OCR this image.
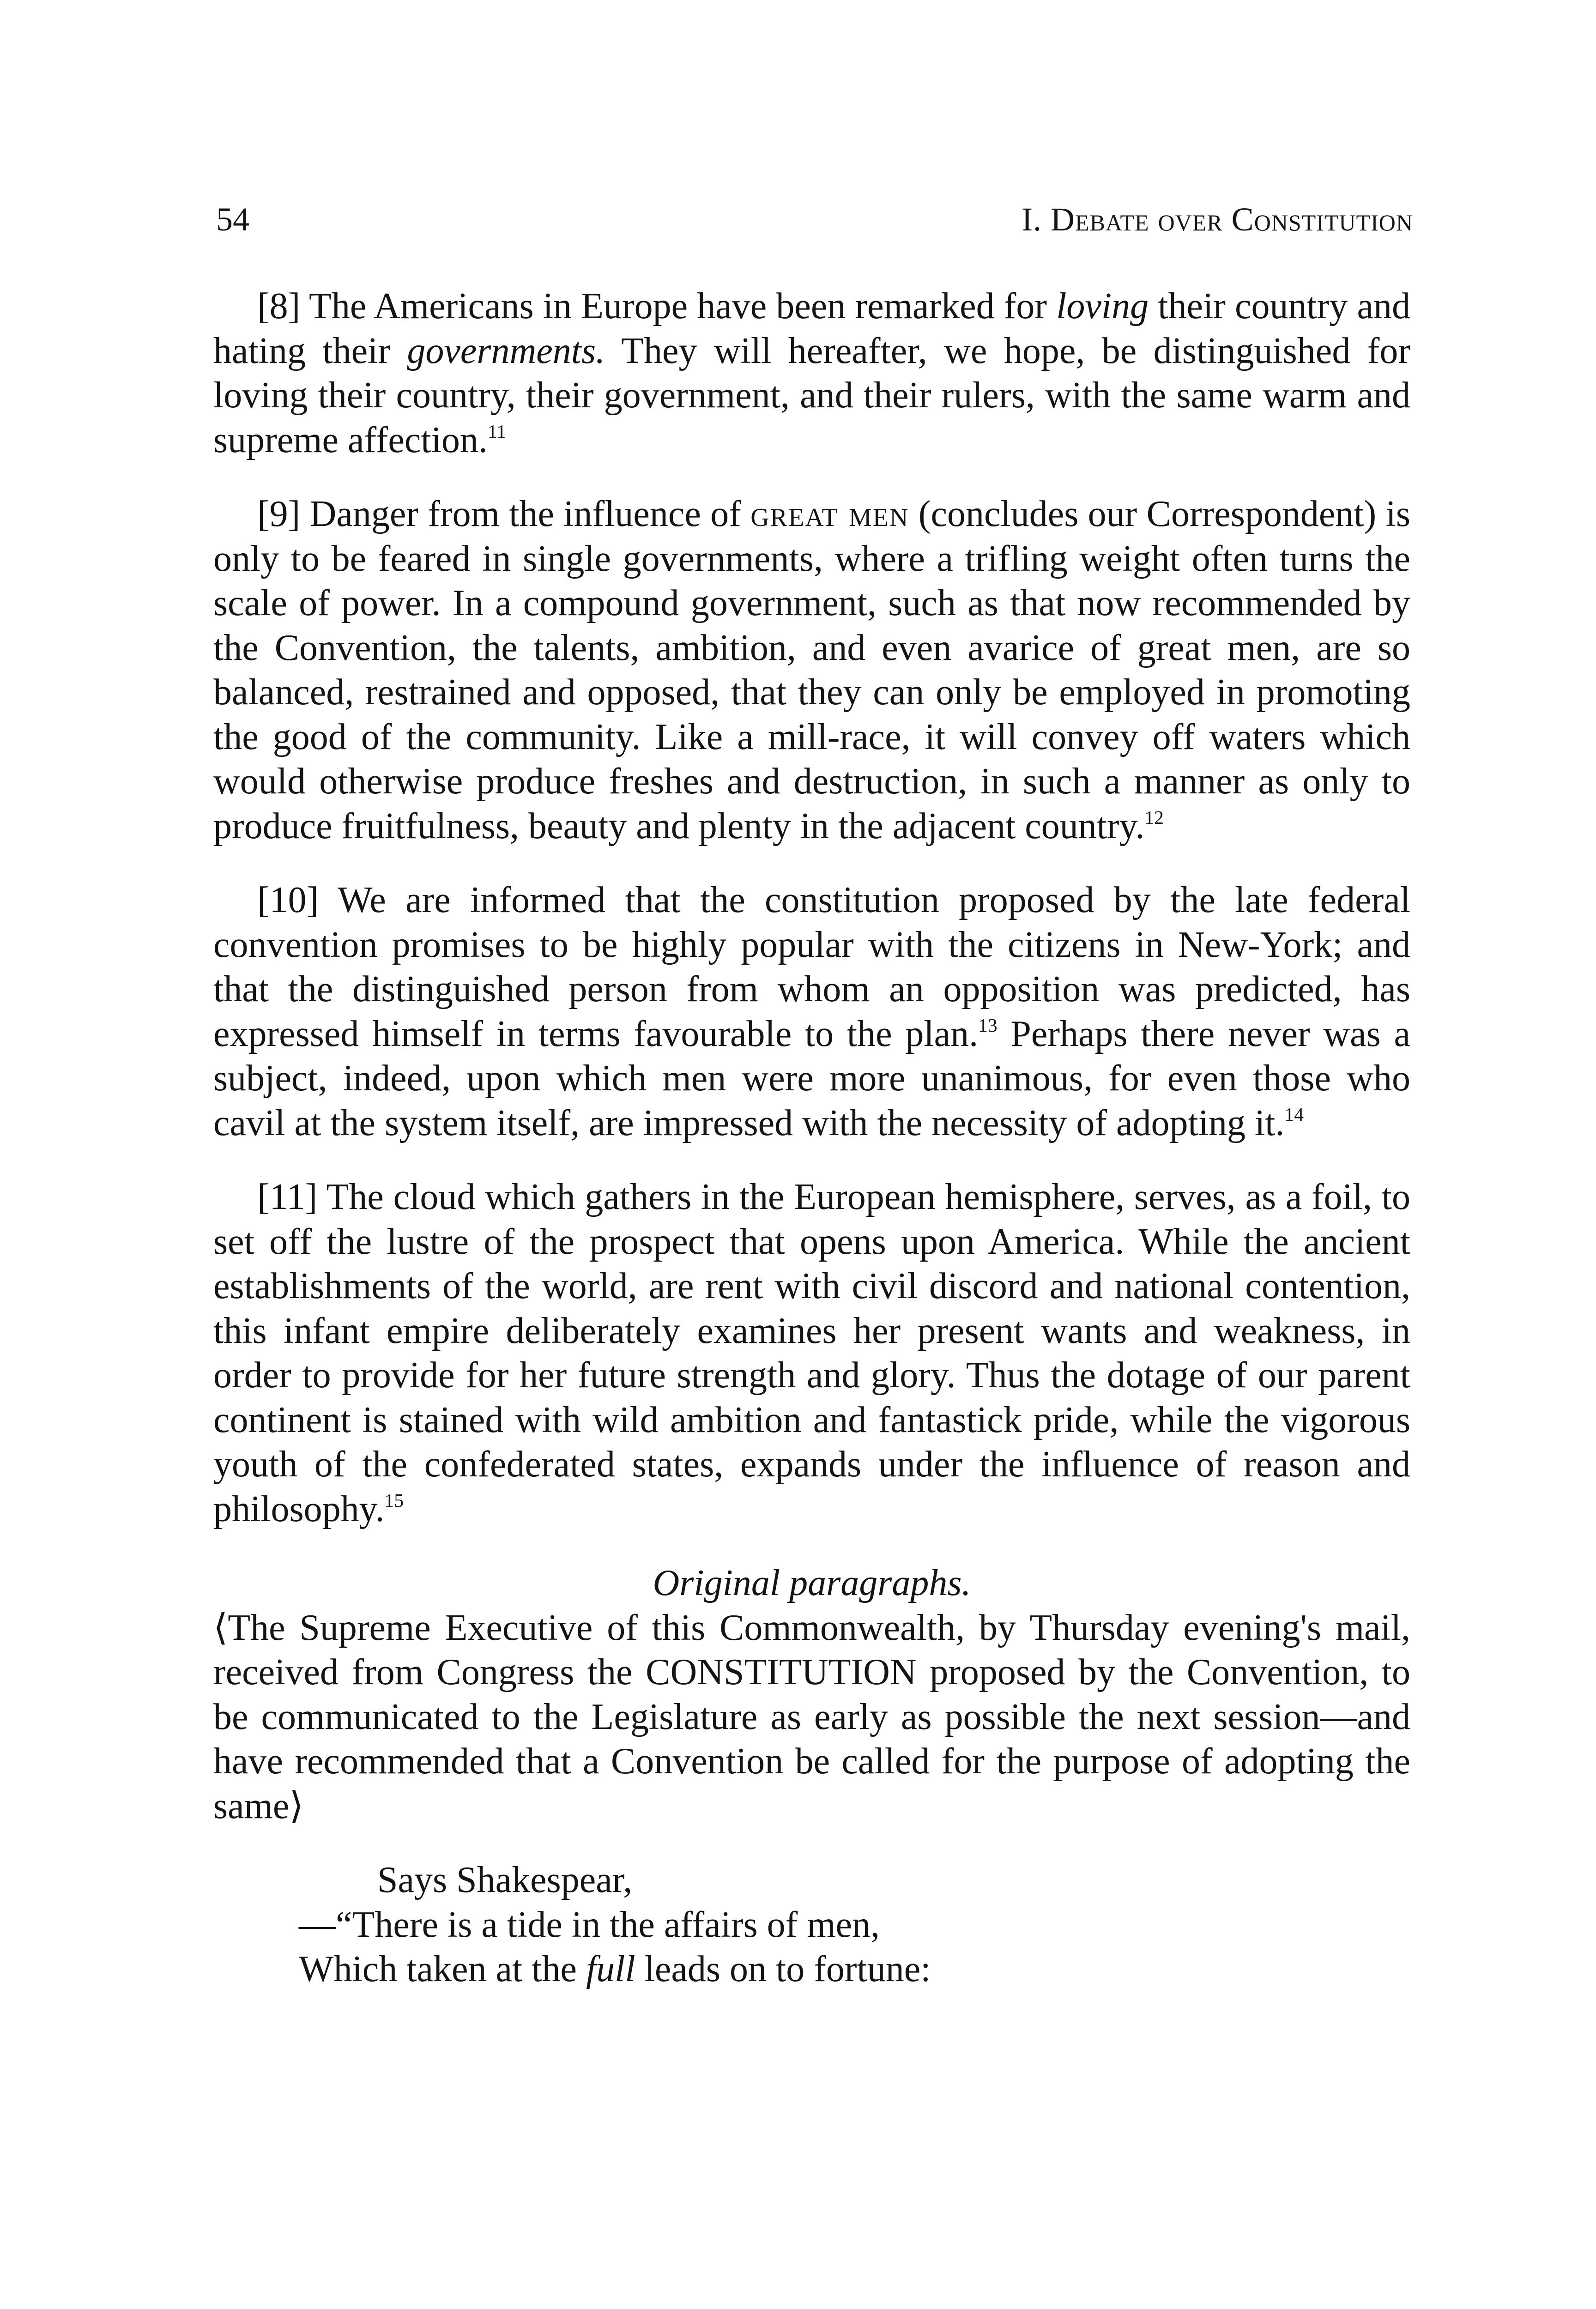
54	I. Debate over Constitution

[8] The Americans in Europe have been remarked for loving their country and hating their governments. They will hereafter, we hope, be distinguished for loving their country, their government, and their rulers, with the same warm and supreme affection.$^{11}$

[9] Danger from the influence of great men (concludes our Correspondent) is only to be feared in single governments, where a trifling weight often turns the scale of power. In a compound government, such as that now recommended by the Convention, the talents, ambition, and even avarice of great men, are so balanced, restrained and opposed, that they can only be employed in promoting the good of the community. Like a mill-race, it will convey off waters which would otherwise produce freshes and destruction, in such a manner as only to produce fruitfulness, beauty and plenty in the adjacent country.$^{12}$

[10] We are informed that the constitution proposed by the late federal convention promises to be highly popular with the citizens in New-York; and that the distinguished person from whom an opposition was predicted, has expressed himself in terms favourable to the plan.$^{13}$ Perhaps there never was a subject, indeed, upon which men were more unanimous, for even those who cavil at the system itself, are impressed with the necessity of adopting it.$^{14}$

[11] The cloud which gathers in the European hemisphere, serves, as a foil, to set off the lustre of the prospect that opens upon America. While the ancient establishments of the world, are rent with civil discord and national contention, this infant empire deliberately examines her present wants and weakness, in order to provide for her future strength and glory. Thus the dotage of our parent continent is stained with wild ambition and fantastick pride, while the vigorous youth of the confederated states, expands under the influence of reason and philosophy.$^{15}$

Original paragraphs.

⟨The Supreme Executive of this Commonwealth, by Thursday evening's mail, received from Congress the CONSTITUTION proposed by the Convention, to be communicated to the Legislature as early as possible the next session—and have recommended that a Convention be called for the purpose of adopting the same⟩

Says Shakespear,
—“There is a tide in the affairs of men,
Which taken at the full leads on to fortune:
